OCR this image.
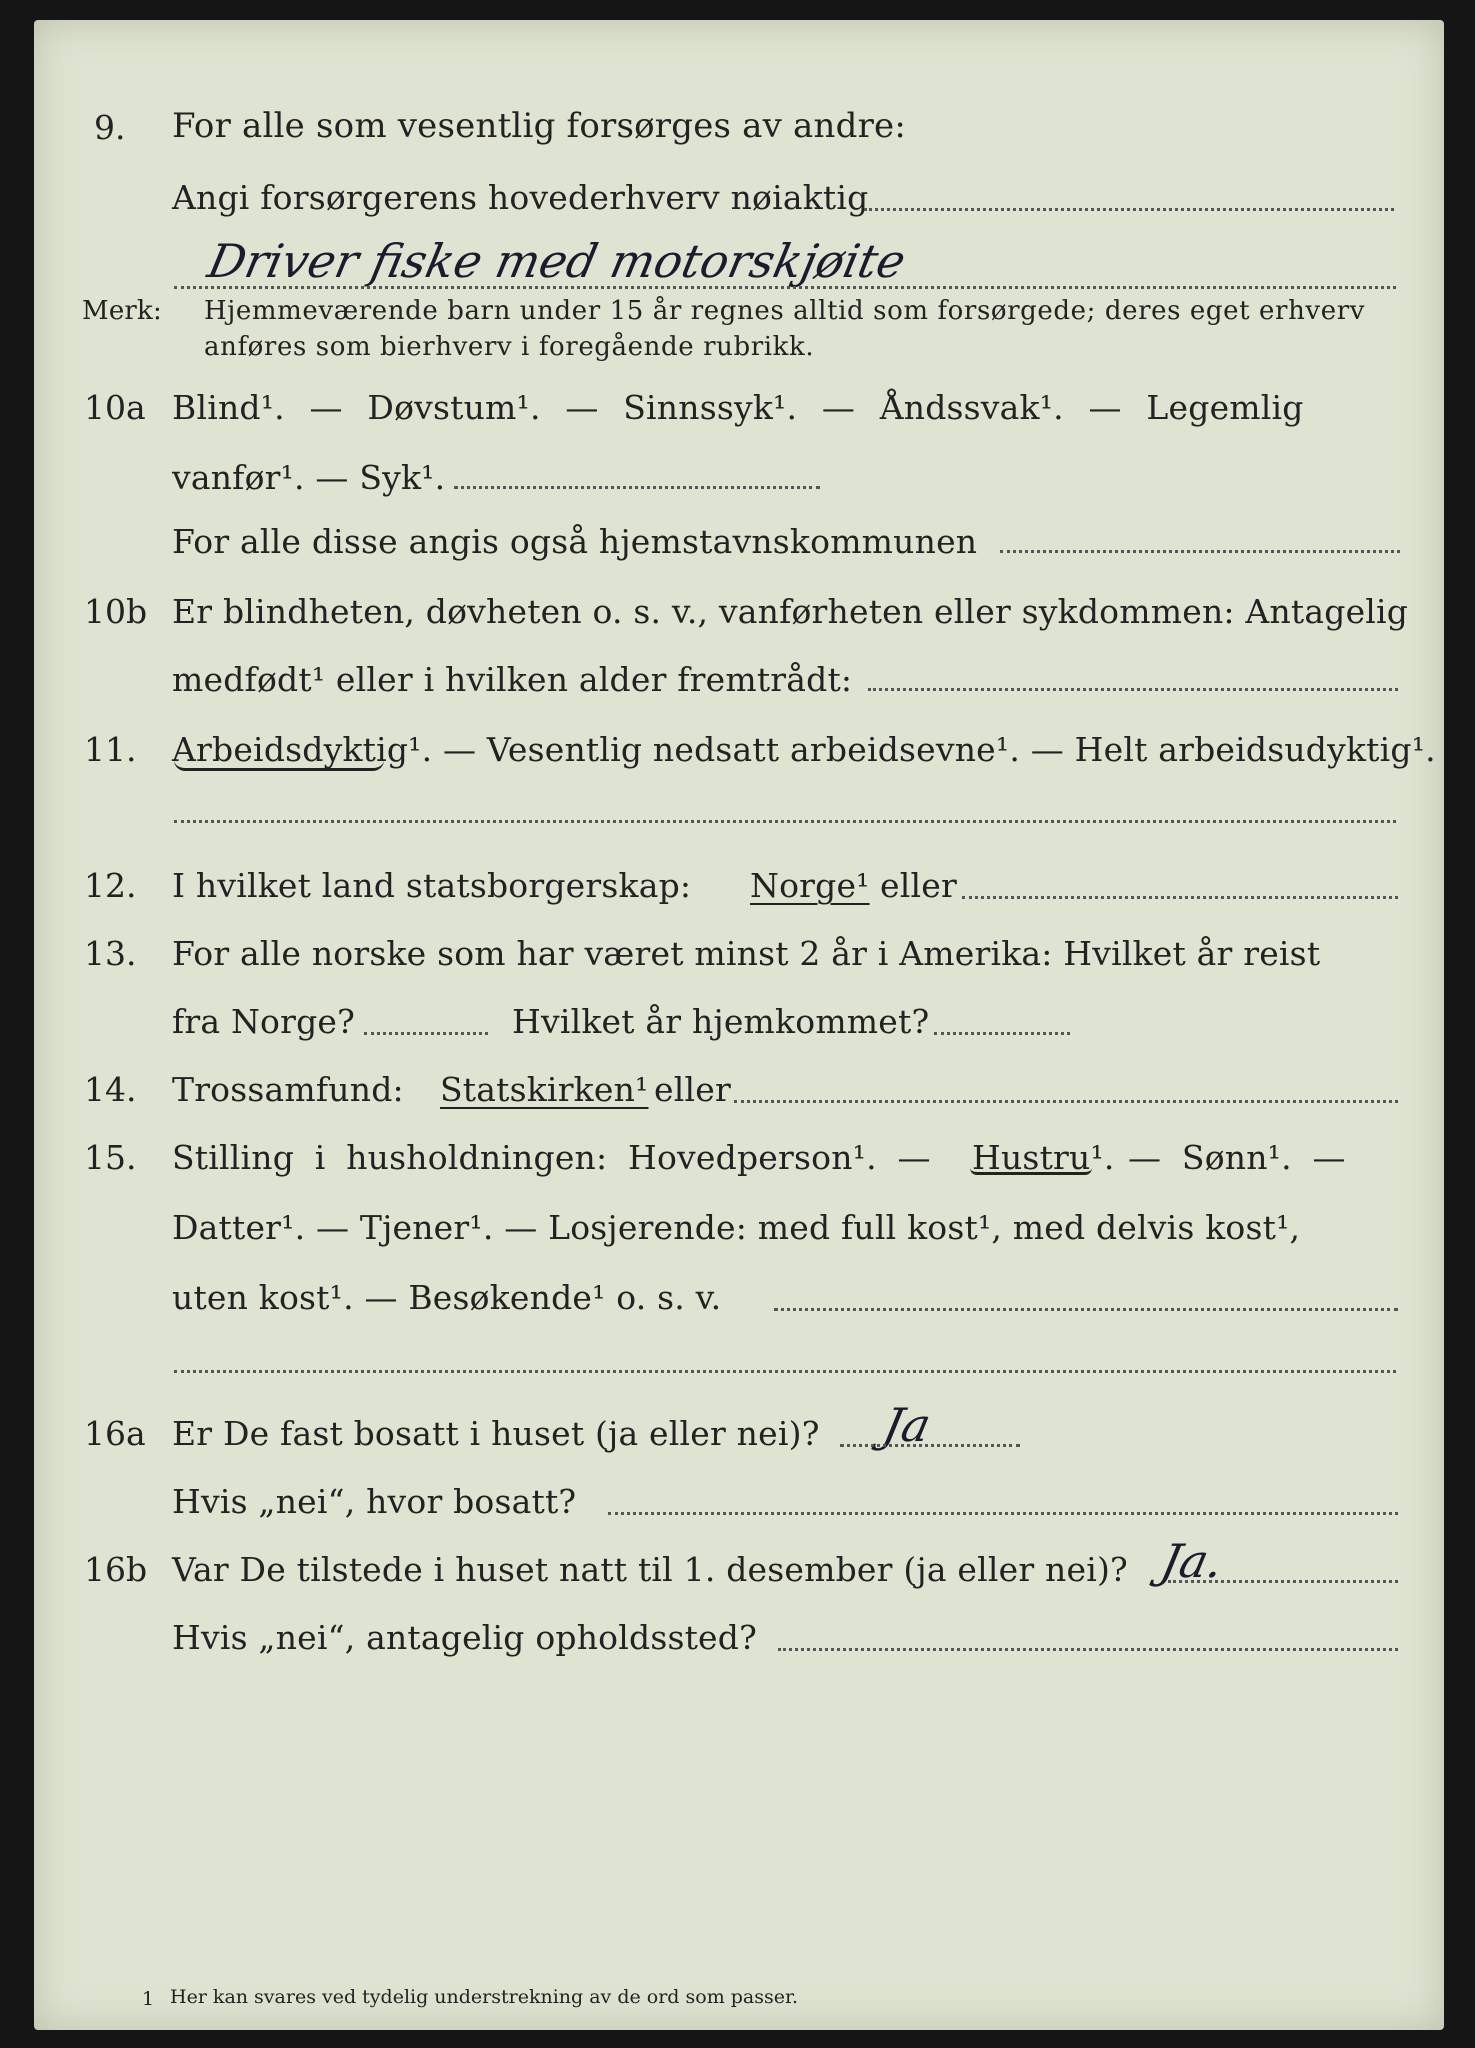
9. For alle som vesentlig forsørges av andre:
Angi forsørgerens hovederhverv nøiaktig
Driver fiske med motorskjøite
Merk: Hjemmeværende barn under 15 år regnes alltid som forsørgede; deres eget erhverv
anføres som bierhverv i foregående rubrikk.
10a Blind¹. — Døvstum¹. — Sinnssyk¹. — Åndssvak¹. — Legemlig
vanfør¹. — Syk¹.
For alle disse angis også hjemstavnskommunen
10b Er blindheten, døvheten o. s. v., vanførheten eller sykdommen: Antagelig
medfødt¹ eller i hvilken alder fremtrådt:
11. Arbeidsdyktig¹. — Vesentlig nedsatt arbeidsevne¹. — Helt arbeidsudyktig¹.
12. I hvilket land statsborgerskap: Norge¹ eller
13. For alle norske som har været minst 2 år i Amerika: Hvilket år reist
fra Norge?	Hvilket år hjemkommet?
14. Trossamfund: Statskirken¹ eller
15. Stilling i husholdningen: Hovedperson¹. — Hustru¹. — Sønn¹. —
Datter¹. — Tjener¹. — Losjerende: med full kost¹, med delvis kost¹,
uten kost¹. — Besøkende¹ o. s. v.
16a Er De fast bosatt i huset (ja eller nei)? Ja
Hvis „nei“, hvor bosatt?
16b Var De tilstede i huset natt til 1. desember (ja eller nei)? Ja.
Hvis „nei“, antagelig opholdssted?
1 Her kan svares ved tydelig understrekning av de ord som passer.
